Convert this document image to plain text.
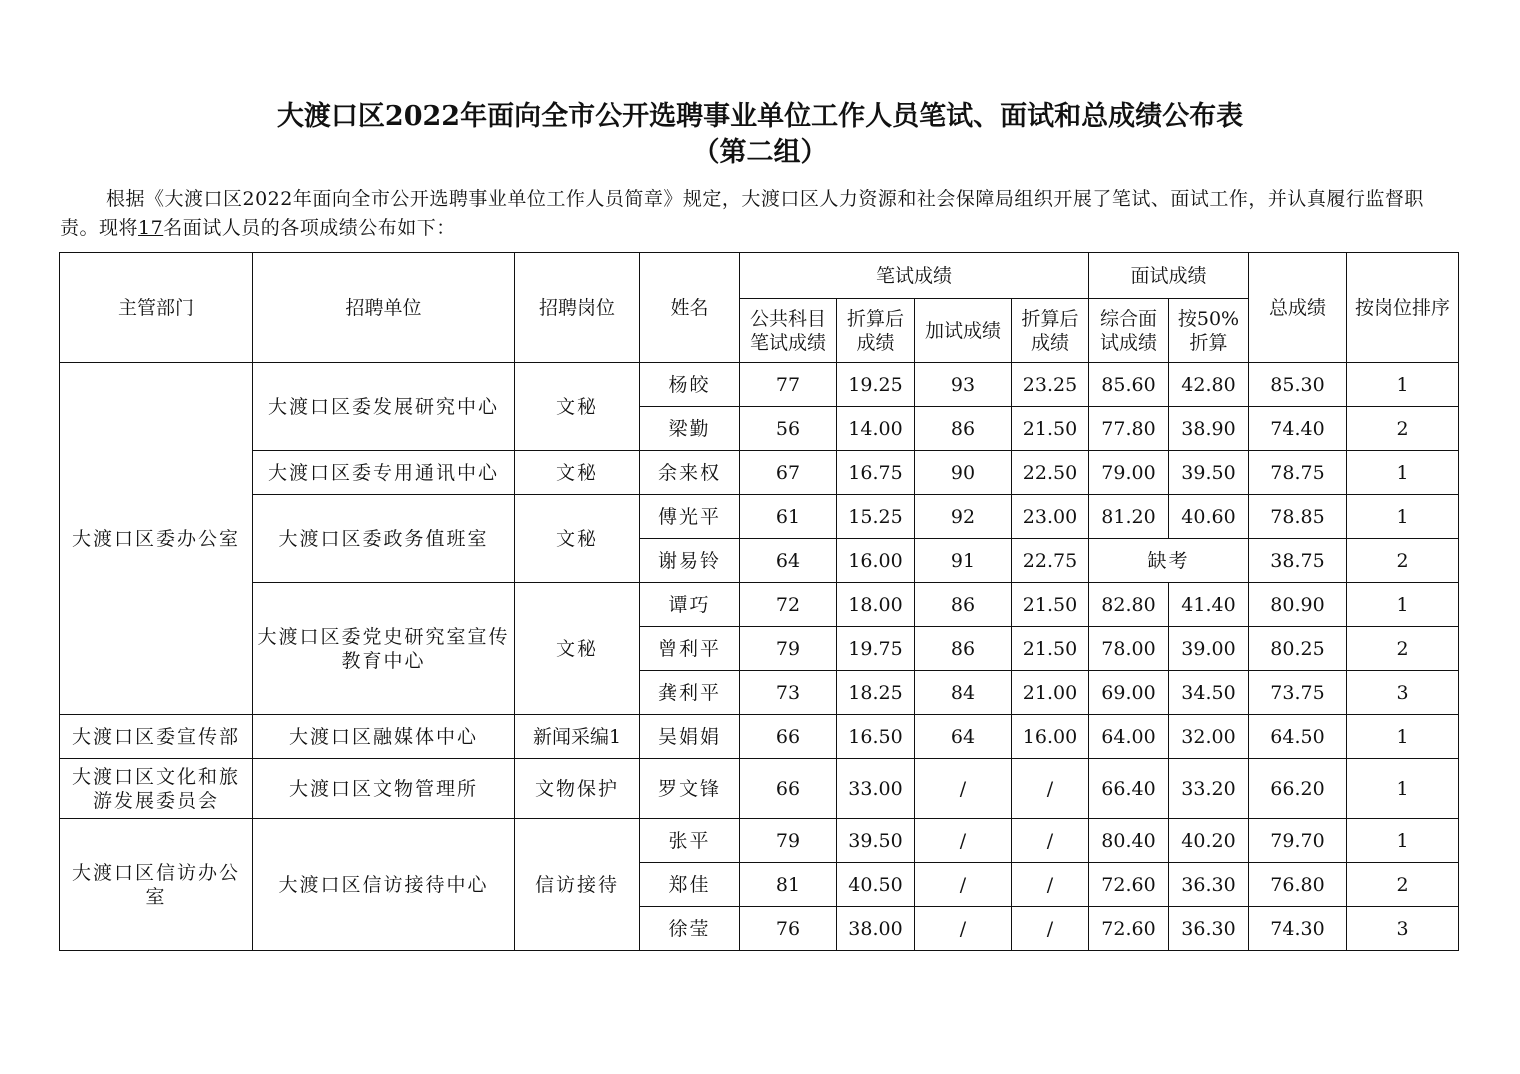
大渡口区2022年面向全市公开选聘事业单位工作人员笔试、面试和总成绩公布表
（第二组）
根据《大渡口区2022年面向全市公开选聘事业单位工作人员简章》规定，大渡口区人力资源和社会保障局组织开展了笔试、面试工作，并认真履行监督职责。现将17名面试人员的各项成绩公布如下：
主管部门	招聘单位	招聘岗位	姓名	笔试成绩				面试成绩		总成绩	按岗位排序
				公共科目笔试成绩	折算后成绩	加试成绩	折算后成绩	综合面试成绩	按50%折算		
大渡口区委办公室	大渡口区委发展研究中心	文秘	杨皎	77	19.25	93	23.25	85.60	42.80	85.30	1
			梁勤	56	14.00	86	21.50	77.80	38.90	74.40	2
	大渡口区委专用通讯中心	文秘	余来权	67	16.75	90	22.50	79.00	39.50	78.75	1
	大渡口区委政务值班室	文秘	傅光平	61	15.25	92	23.00	81.20	40.60	78.85	1
			谢易铃	64	16.00	91	22.75	缺考		38.75	2
	大渡口区委党史研究室宣传教育中心	文秘	谭巧	72	18.00	86	21.50	82.80	41.40	80.90	1
			曾利平	79	19.75	86	21.50	78.00	39.00	80.25	2
			龚利平	73	18.25	84	21.00	69.00	34.50	73.75	3
大渡口区委宣传部	大渡口区融媒体中心	新闻采编1	吴娟娟	66	16.50	64	16.00	64.00	32.00	64.50	1
大渡口区文化和旅游发展委员会	大渡口区文物管理所	文物保护	罗文锋	66	33.00	/	/	66.40	33.20	66.20	1
大渡口区信访办公室	大渡口区信访接待中心	信访接待	张平	79	39.50	/	/	80.40	40.20	79.70	1
			郑佳	81	40.50	/	/	72.60	36.30	76.80	2
			徐莹	76	38.00	/	/	72.60	36.30	74.30	3
